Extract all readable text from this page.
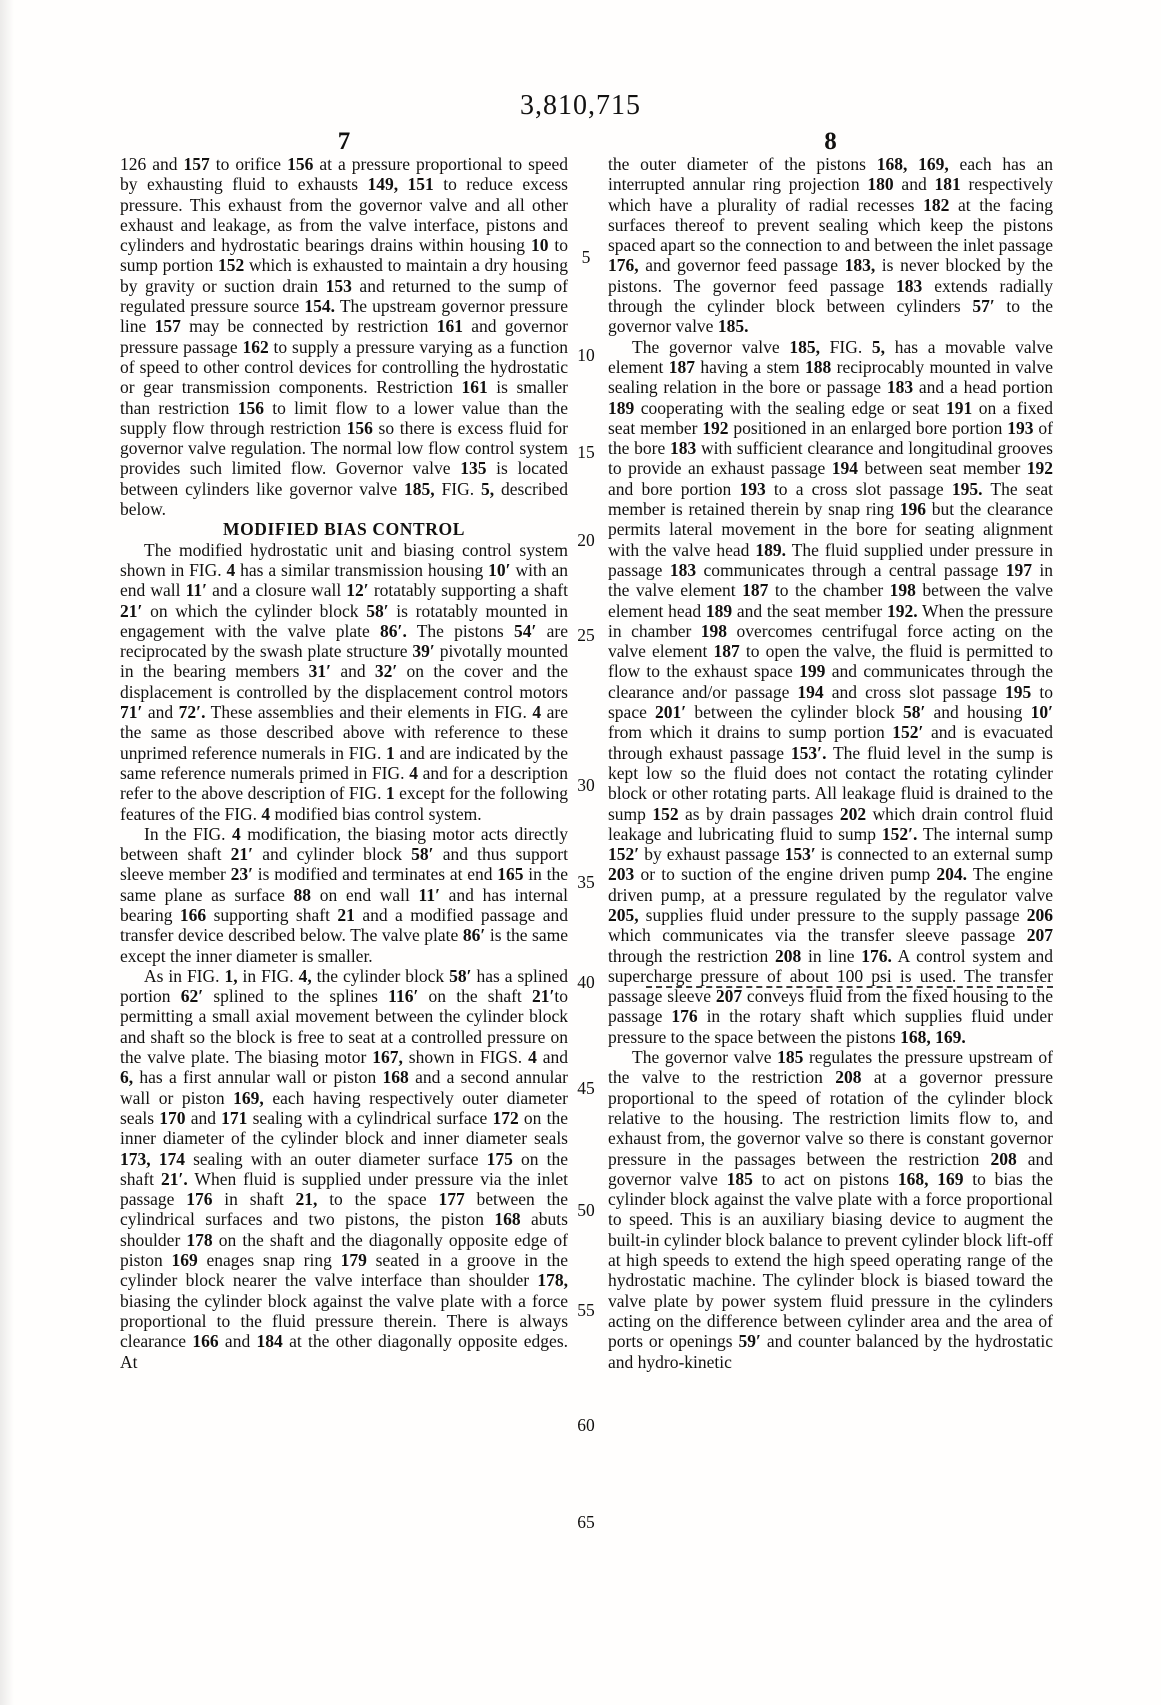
3,810,715
7	8

126 and 157 to orifice 156 at a pressure proportional to speed by exhausting fluid to exhausts 149, 151 to reduce excess pressure. This exhaust from the governor valve and all other exhaust and leakage, as from the valve interface, pistons and cylinders and hydrostatic bearings drains within housing 10 to sump portion 152 which is exhausted to maintain a dry housing by gravity or suction drain 153 and returned to the sump of regulated pressure source 154. The upstream governor pressure line 157 may be connected by restriction 161 and governor pressure passage 162 to supply a pressure varying as a function of speed to other control devices for controlling the hydrostatic or gear transmission components. Restriction 161 is smaller than restriction 156 to limit flow to a lower value than the supply flow through restriction 156 so there is excess fluid for governor valve regulation. The normal low flow control system provides such limited flow. Governor valve 135 is located between cylinders like governor valve 185, FIG. 5, described below.

MODIFIED BIAS CONTROL

The modified hydrostatic unit and biasing control system shown in FIG. 4 has a similar transmission housing 10′ with an end wall 11′ and a closure wall 12′ rotatably supporting a shaft 21′ on which the cylinder block 58′ is rotatably mounted in engagement with the valve plate 86′. The pistons 54′ are reciprocated by the swash plate structure 39′ pivotally mounted in the bearing members 31′ and 32′ on the cover and the displacement is controlled by the displacement control motors 71′ and 72′. These assemblies and their elements in FIG. 4 are the same as those described above with reference to these unprimed reference numerals in FIG. 1 and are indicated by the same reference numerals primed in FIG. 4 and for a description refer to the above description of FIG. 1 except for the following features of the FIG. 4 modified bias control system.

In the FIG. 4 modification, the biasing motor acts directly between shaft 21′ and cylinder block 58′ and thus support sleeve member 23′ is modified and terminates at end 165 in the same plane as surface 88 on end wall 11′ and has internal bearing 166 supporting shaft 21 and a modified passage and transfer device described below. The valve plate 86′ is the same except the inner diameter is smaller.

As in FIG. 1, in FIG. 4, the cylinder block 58′ has a splined portion 62′ splined to the splines 116′ on the shaft 21′to permitting a small axial movement between the cylinder block and shaft so the block is free to seat at a controlled pressure on the valve plate. The biasing motor 167, shown in FIGS. 4 and 6, has a first annular wall or piston 168 and a second annular wall or piston 169, each having respectively outer diameter seals 170 and 171 sealing with a cylindrical surface 172 on the inner diameter of the cylinder block and inner diameter seals 173, 174 sealing with an outer diameter surface 175 on the shaft 21′. When fluid is supplied under pressure via the inlet passage 176 in shaft 21, to the space 177 between the cylindrical surfaces and two pistons, the piston 168 abuts shoulder 178 on the shaft and the diagonally opposite edge of piston 169 enages snap ring 179 seated in a groove in the cylinder block nearer the valve interface than shoulder 178, biasing the cylinder block against the valve plate with a force proportional to the fluid pressure therein. There is always clearance 166 and 184 at the other diagonally opposite edges. At

the outer diameter of the pistons 168, 169, each has an interrupted annular ring projection 180 and 181 respectively which have a plurality of radial recesses 182 at the facing surfaces thereof to prevent sealing which keep the pistons spaced apart so the connection to and between the inlet passage 176, and governor feed passage 183, is never blocked by the pistons. The governor feed passage 183 extends radially through the cylinder block between cylinders 57′ to the governor valve 185.

The governor valve 185, FIG. 5, has a movable valve element 187 having a stem 188 reciprocably mounted in valve sealing relation in the bore or passage 183 and a head portion 189 cooperating with the sealing edge or seat 191 on a fixed seat member 192 positioned in an enlarged bore portion 193 of the bore 183 with sufficient clearance and longitudinal grooves to provide an exhaust passage 194 between seat member 192 and bore portion 193 to a cross slot passage 195. The seat member is retained therein by snap ring 196 but the clearance permits lateral movement in the bore for seating alignment with the valve head 189. The fluid supplied under pressure in passage 183 communicates through a central passage 197 in the valve element 187 to the chamber 198 between the valve element head 189 and the seat member 192. When the pressure in chamber 198 overcomes centrifugal force acting on the valve element 187 to open the valve, the fluid is permitted to flow to the exhaust space 199 and communicates through the clearance and/or passage 194 and cross slot passage 195 to space 201′ between the cylinder block 58′ and housing 10′ from which it drains to sump portion 152′ and is evacuated through exhaust passage 153′. The fluid level in the sump is kept low so the fluid does not contact the rotating cylinder block or other rotating parts. All leakage fluid is drained to the sump 152 as by drain passages 202 which drain control fluid leakage and lubricating fluid to sump 152′. The internal sump 152′ by exhaust passage 153′ is connected to an external sump 203 or to suction of the engine driven pump 204. The engine driven pump, at a pressure regulated by the regulator valve 205, supplies fluid under pressure to the supply passage 206 which communicates via the transfer sleeve passage 207 through the restriction 208 in line 176. A control system and supercharge pressure of about 100 psi is used. The transfer passage sleeve 207 conveys fluid from the fixed housing to the passage 176 in the rotary shaft which supplies fluid under pressure to the space between the pistons 168, 169.

The governor valve 185 regulates the pressure upstream of the valve to the restriction 208 at a governor pressure proportional to the speed of rotation of the cylinder block relative to the housing. The restriction limits flow to, and exhaust from, the governor valve so there is constant governor pressure in the passages between the restriction 208 and governor valve 185 to act on pistons 168, 169 to bias the cylinder block against the valve plate with a force proportional to speed. This is an auxiliary biasing device to augment the built-in cylinder block balance to prevent cylinder block lift-off at high speeds to extend the high speed operating range of the hydrostatic machine. The cylinder block is biased toward the valve plate by power system fluid pressure in the cylinders acting on the difference between cylinder area and the area of ports or openings 59′ and counter balanced by the hydrostatic and hydro-kinetic

5
10
15
20
25
30
35
40
45
50
55
60
65
